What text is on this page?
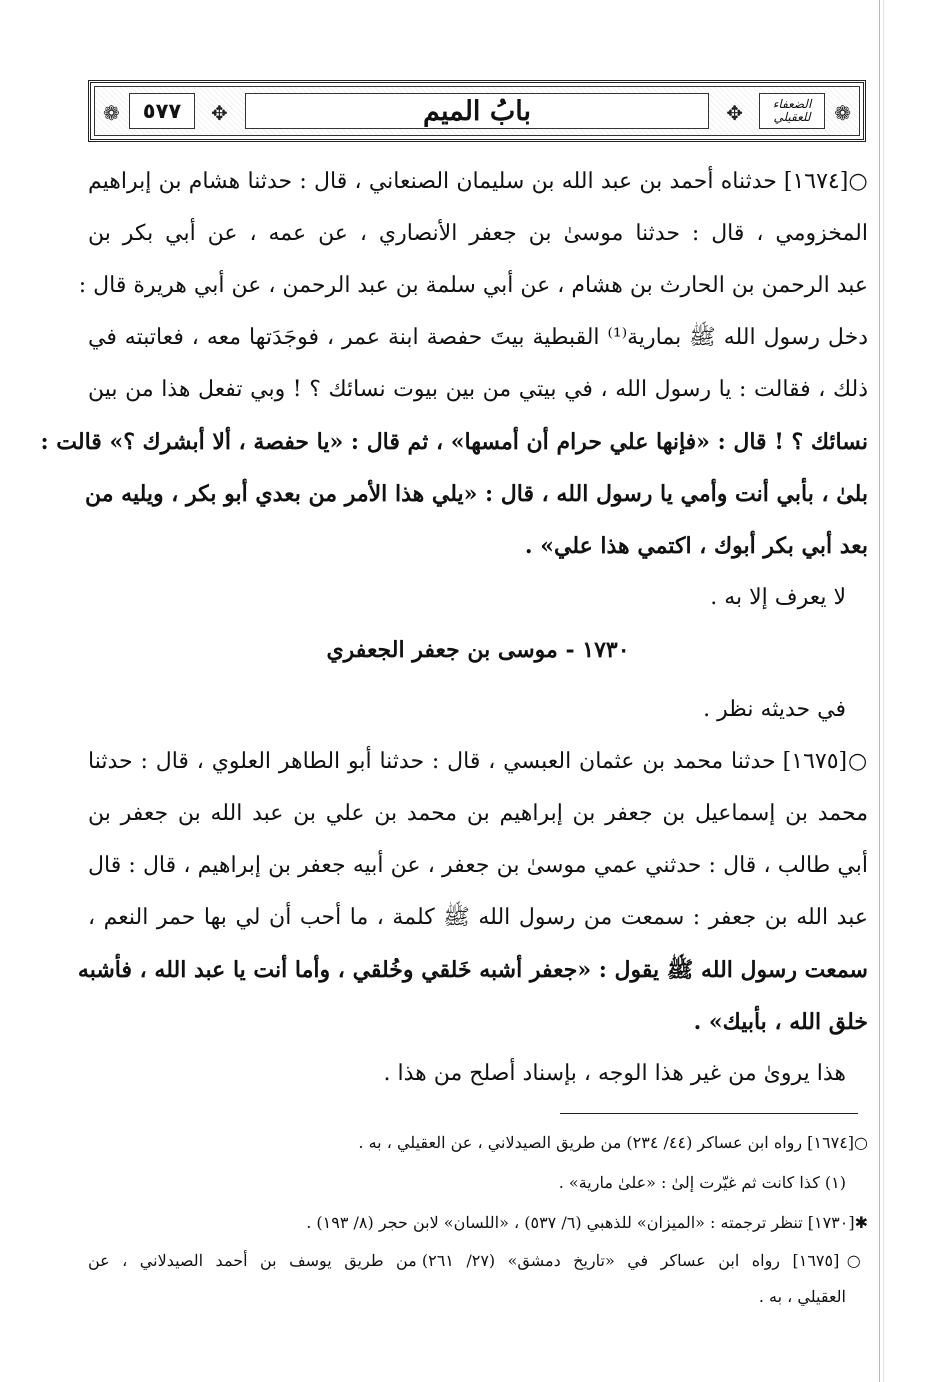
❁	✥	❁
✥
٥٧٧	بابُ الميم	الضعفاء للعقيلي
○[١٦٧٤] حدثناه أحمد بن عبد الله بن سليمان الصنعاني ، قال : حدثنا هشام بن إبراهيم
المخزومي ، قال : حدثنا موسىٰ بن جعفر الأنصاري ، عن عمه ، عن أبي بكر بن
عبد الرحمن بن الحارث بن هشام ، عن أبي سلمة بن عبد الرحمن ، عن أبي هريرة قال :
دخل رسول الله ﷺ بمارية⁽¹⁾ القبطية بيتَ حفصة ابنة عمر ، فوجَدَتها معه ، فعاتبته في
ذلك ، فقالت : يا رسول الله ، في بيتي من بين بيوت نسائك ؟ ! وبي تفعل هذا من بين
نسائك ؟ ! قال : «فإنها علي حرام أن أمسها» ، ثم قال : «يا حفصة ، ألا أبشرك ؟» قالت :
بلىٰ ، بأبي أنت وأمي يا رسول الله ، قال : «يلي هذا الأمر من بعدي أبو بكر ، ويليه من
بعد أبي بكر أبوك ، اكتمي هذا علي» .
لا يعرف إلا به .
١٧٣٠ - موسى بن جعفر الجعفري
في حديثه نظر .
○[١٦٧٥] حدثنا محمد بن عثمان العبسي ، قال : حدثنا أبو الطاهر العلوي ، قال : حدثنا
محمد بن إسماعيل بن جعفر بن إبراهيم بن محمد بن علي بن عبد الله بن جعفر بن
أبي طالب ، قال : حدثني عمي موسىٰ بن جعفر ، عن أبيه جعفر بن إبراهيم ، قال : قال
عبد الله بن جعفر : سمعت من رسول الله ﷺ كلمة ، ما أحب أن لي بها حمر النعم ،
سمعت رسول الله ﷺ يقول : «جعفر أشبه خَلقي وخُلقي ، وأما أنت يا عبد الله ، فأشبه
خلق الله ، بأبيك» .
هذا يروىٰ من غير هذا الوجه ، بإسناد أصلح من هذا .
○[١٦٧٤] رواه ابن عساكر (٤٤/ ٢٣٤) من طريق الصيدلاني ، عن العقيلي ، به .
(١) كذا كانت ثم غيّرت إلىٰ : «علىٰ مارية» .
✱[١٧٣٠] تنظر ترجمته : «الميزان» للذهبي (٦/ ٥٣٧) ، «اللسان» لابن حجر (٨/ ١٩٣) .
○[١٦٧٥] رواه ابن عساكر في «تاريخ دمشق» (٢٧/ ٢٦١) من طريق يوسف بن أحمد الصيدلاني ، عن
العقيلي ، به .
